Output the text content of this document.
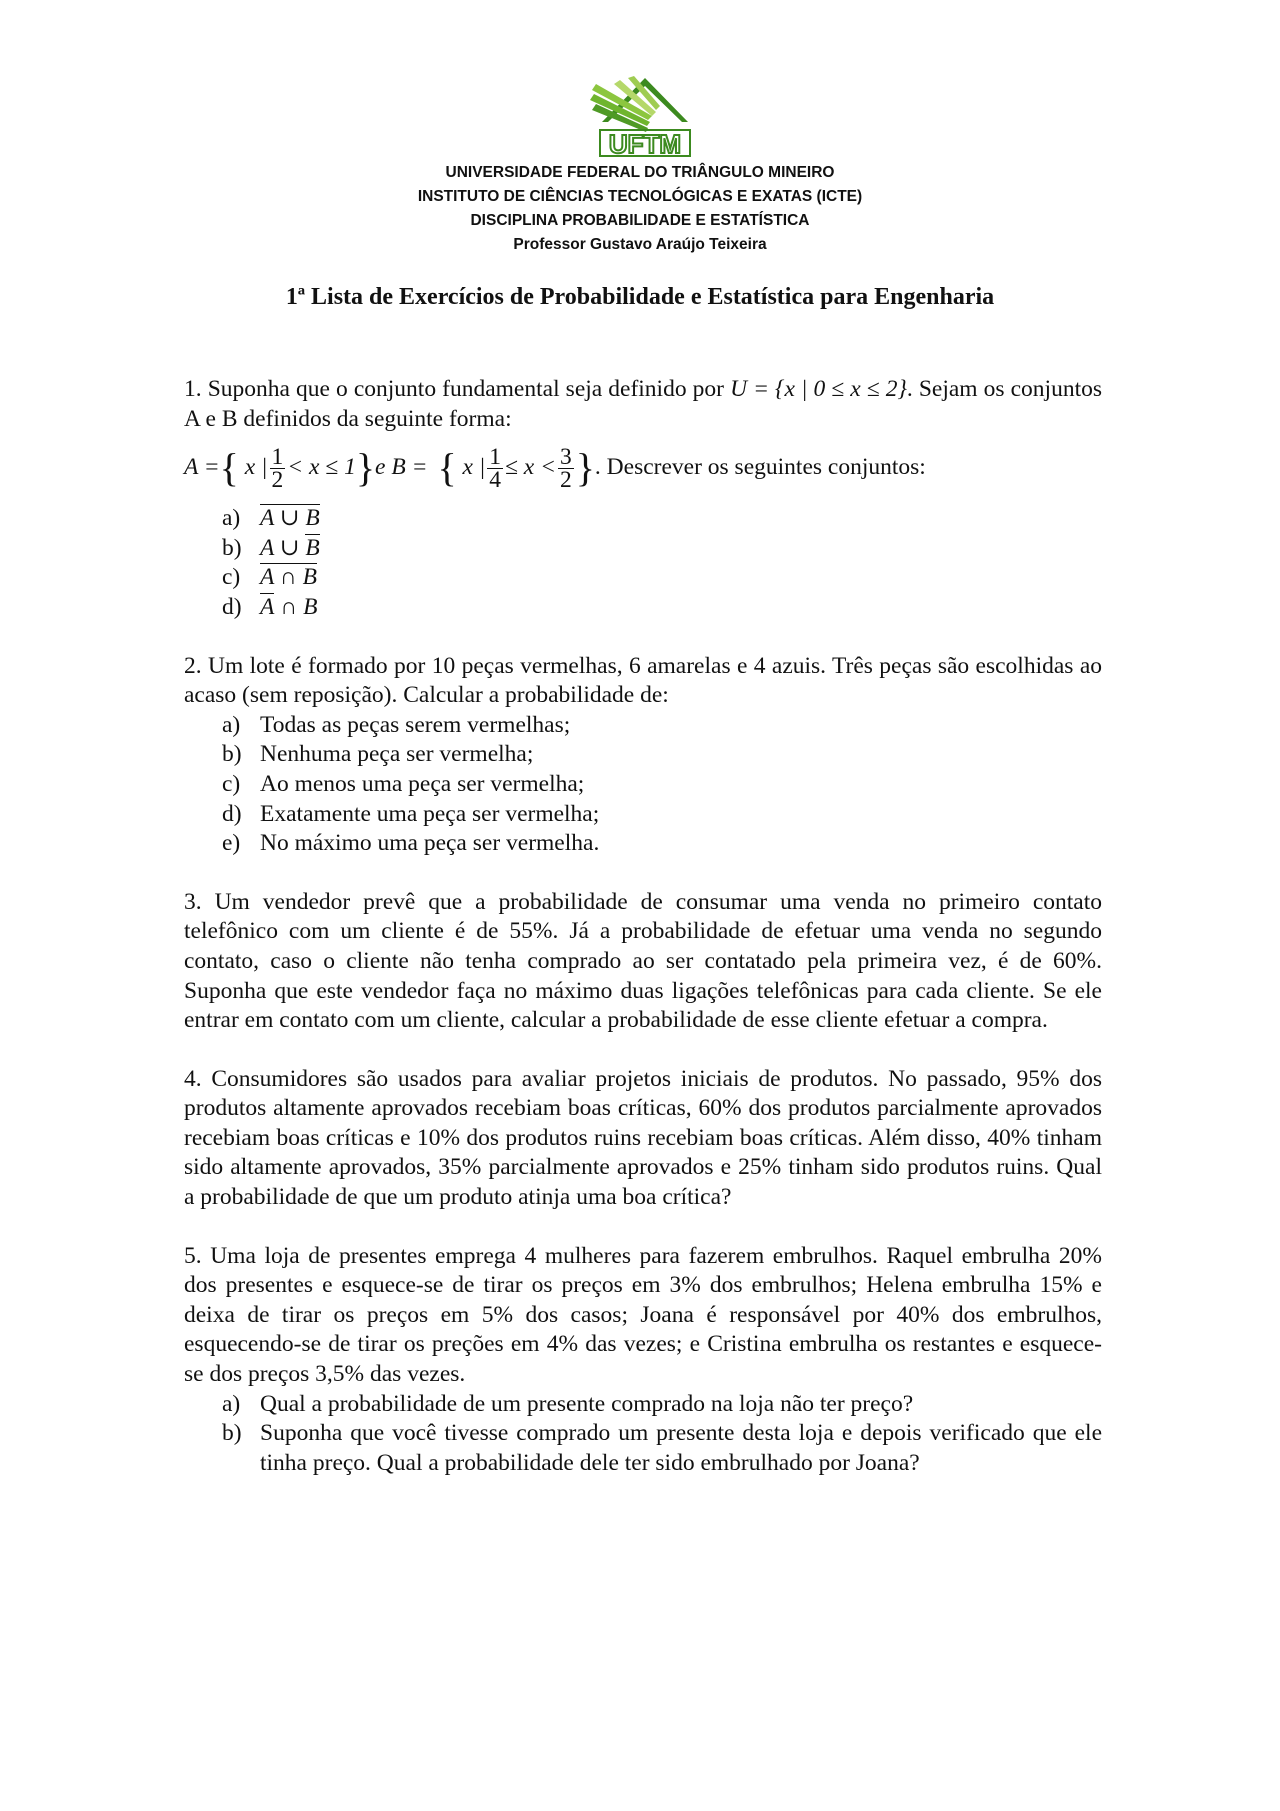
UFTM
UNIVERSIDADE FEDERAL DO TRIÂNGULO MINEIRO
INSTITUTO DE CIÊNCIAS TECNOLÓGICAS E EXATAS (ICTE)
DISCIPLINA PROBABILIDADE E ESTATÍSTICA
Professor Gustavo Araújo Teixeira
1ª Lista de Exercícios de Probabilidade e Estatística para Engenharia

1. Suponha que o conjunto fundamental seja definido por U = {x | 0 ≤ x ≤ 2}. Sejam os conjuntos A e B definidos da seguinte forma:

A = { x | $\frac{1}{2} < x \le 1$ } e B = { x | $\frac{1}{4} \le x < \frac{3}{2}$ } . Descrever os seguintes conjuntos:
a) A ∪ B
b) A ∪ B
c) A ∩ B
d) A ∩ B

2. Um lote é formado por 10 peças vermelhas, 6 amarelas e 4 azuis. Três peças são escolhidas ao acaso (sem reposição). Calcular a probabilidade de:

a) Todas as peças serem vermelhas;
b) Nenhuma peça ser vermelha;
c) Ao menos uma peça ser vermelha;
d) Exatamente uma peça ser vermelha;
e) No máximo uma peça ser vermelha.

3. Um vendedor prevê que a probabilidade de consumar uma venda no primeiro contato telefônico com um cliente é de 55%. Já a probabilidade de efetuar uma venda no segundo contato, caso o cliente não tenha comprado ao ser contatado pela primeira vez, é de 60%. Suponha que este vendedor faça no máximo duas ligações telefônicas para cada cliente. Se ele entrar em contato com um cliente, calcular a probabilidade de esse cliente efetuar a compra.

4. Consumidores são usados para avaliar projetos iniciais de produtos. No passado, 95% dos produtos altamente aprovados recebiam boas críticas, 60% dos produtos parcialmente aprovados recebiam boas críticas e 10% dos produtos ruins recebiam boas críticas. Além disso, 40% tinham sido altamente aprovados, 35% parcialmente aprovados e 25% tinham sido produtos ruins. Qual a probabilidade de que um produto atinja uma boa crítica?

5. Uma loja de presentes emprega 4 mulheres para fazerem embrulhos. Raquel embrulha 20% dos presentes e esquece-se de tirar os preços em 3% dos embrulhos; Helena embrulha 15% e deixa de tirar os preços em 5% dos casos; Joana é responsável por 40% dos embrulhos, esquecendo-se de tirar os preções em 4% das vezes; e Cristina embrulha os restantes e esquece-se dos preços 3,5% das vezes.

a) Qual a probabilidade de um presente comprado na loja não ter preço?
b) Suponha que você tivesse comprado um presente desta loja e depois verificado que ele tinha preço. Qual a probabilidade dele ter sido embrulhado por Joana?
